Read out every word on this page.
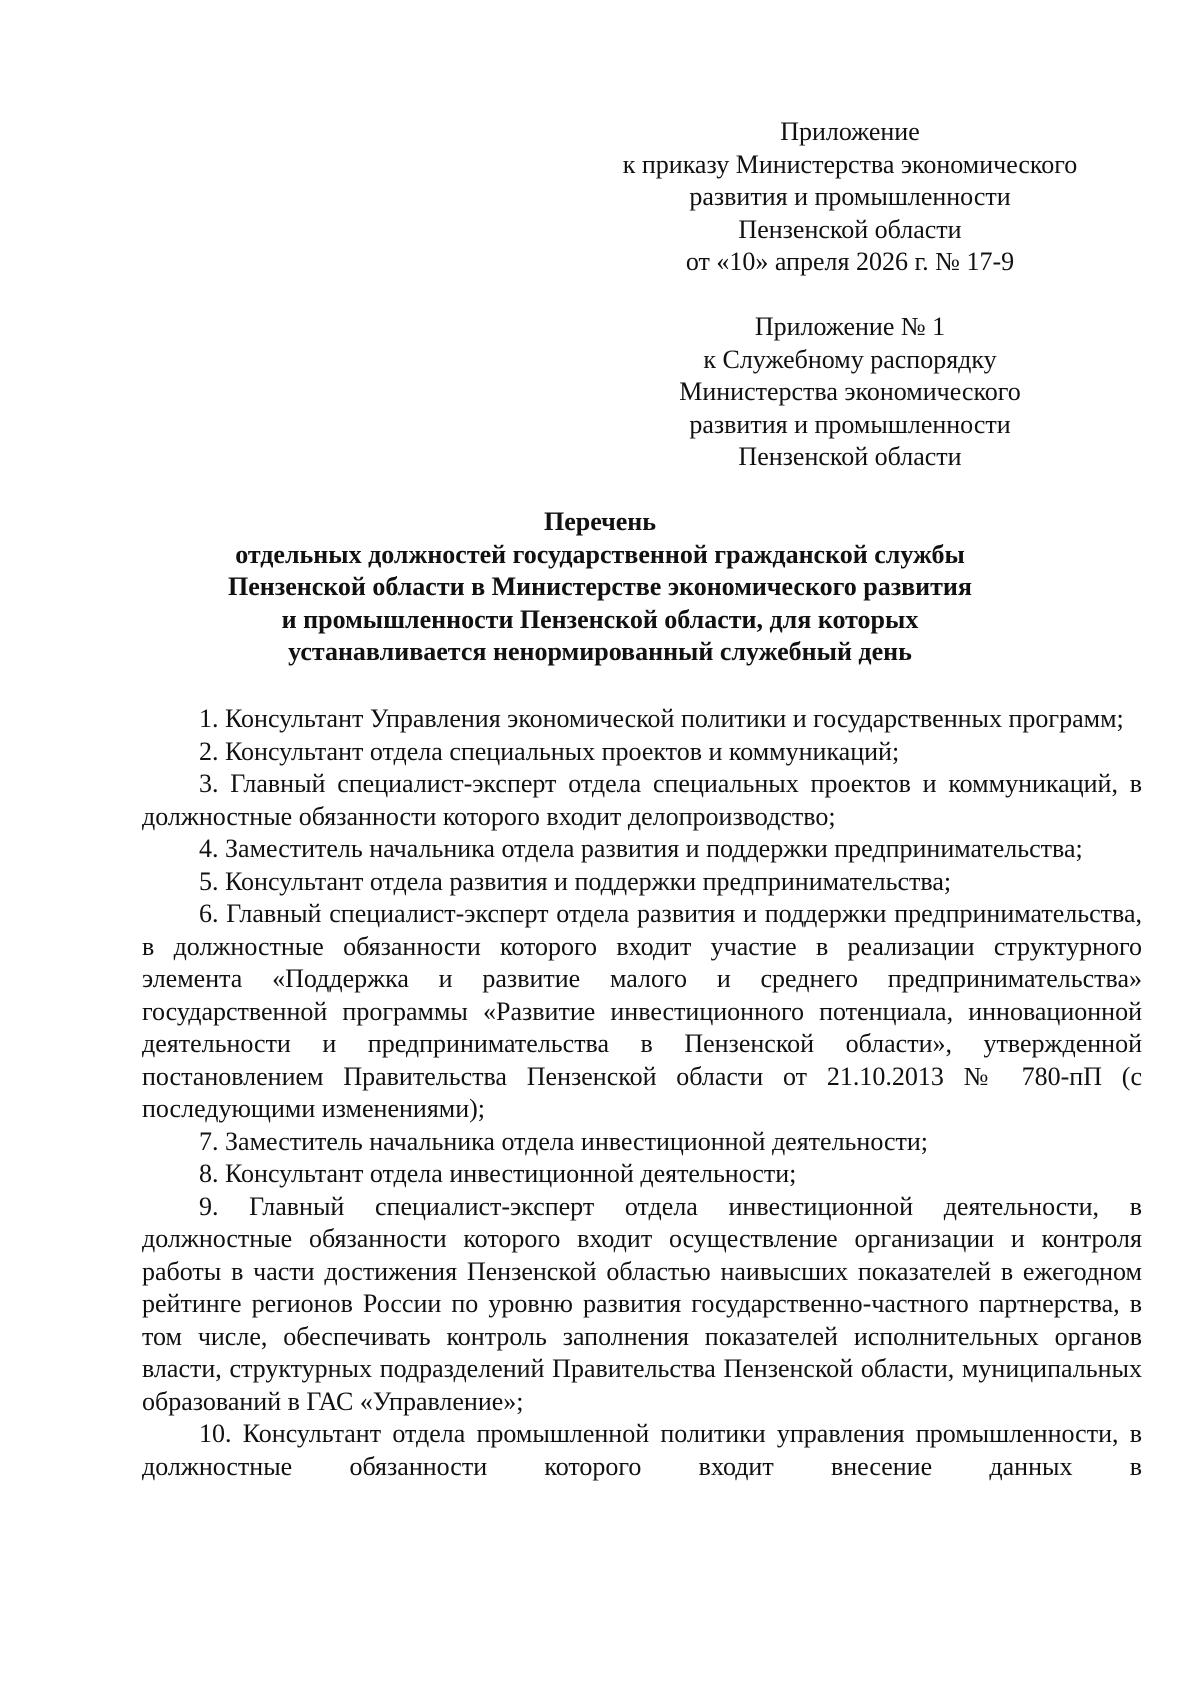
Приложение
к приказу Министерства экономического
развития и промышленности
Пензенской области
от «10» апреля 2026 г. № 17-9
Приложение № 1
к Служебному распорядку
Министерства экономического
развития и промышленности
Пензенской области
Перечень
отдельных должностей государственной гражданской службы
Пензенской области в Министерстве экономического развития
и промышленности Пензенской области, для которых
устанавливается ненормированный служебный день

1. Консультант Управления экономической политики и государственных программ;

2. Консультант отдела специальных проектов и коммуникаций;

3. Главный специалист-эксперт отдела специальных проектов и коммуникаций, в должностные обязанности которого входит делопроизводство;

4. Заместитель начальника отдела развития и поддержки предпринимательства;

5. Консультант отдела развития и поддержки предпринимательства;

6. Главный специалист-эксперт отдела развития и поддержки предпринимательства, в должностные обязанности которого входит участие в реализации структурного элемента «Поддержка и развитие малого и среднего предпринимательства» государственной программы «Развитие инвестиционного потенциала, инновационной деятельности и предпринимательства в Пензенской области», утвержденной постановлением Правительства Пензенской области от 21.10.2013 № 780-пП (с последующими изменениями);

7. Заместитель начальника отдела инвестиционной деятельности;

8. Консультант отдела инвестиционной деятельности;

9. Главный специалист-эксперт отдела инвестиционной деятельности, в должностные обязанности которого входит осуществление организации и контроля работы в части достижения Пензенской областью наивысших показателей в ежегодном рейтинге регионов России по уровню развития государственно-частного партнерства, в том числе, обеспечивать контроль заполнения показателей исполнительных органов власти, структурных подразделений Правительства Пензенской области, муниципальных образований в ГАС «Управление»;

10. Консультант отдела промышленной политики управления промышленности, в должностные обязанности которого входит внесение данных в
